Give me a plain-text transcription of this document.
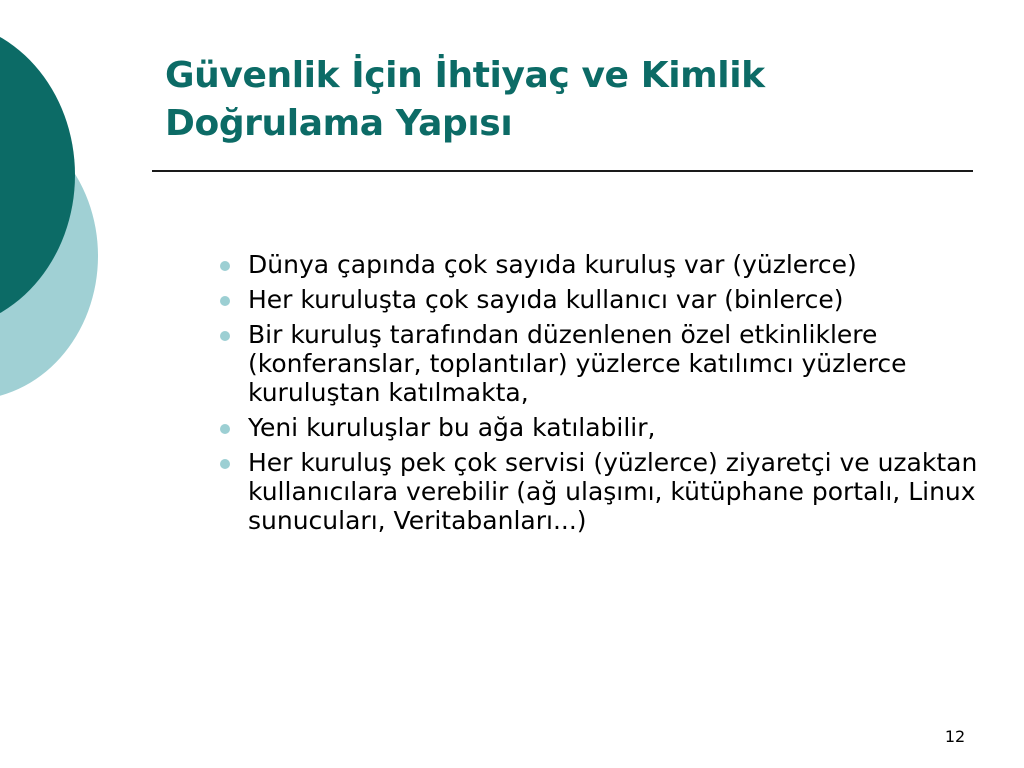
Güvenlik İçin İhtiyaç ve Kimlik
Doğrulama Yapısı
Dünya çapında çok sayıda kuruluş var (yüzlerce)
Her kuruluşta çok sayıda kullanıcı var (binlerce)
Bir kuruluş tarafından düzenlenen özel etkinliklere (konferanslar, toplantılar) yüzlerce katılımcı yüzlerce kuruluştan katılmakta,
Yeni kuruluşlar bu ağa katılabilir,
Her kuruluş pek çok servisi (yüzlerce) ziyaretçi ve uzaktan kullanıcılara verebilir (ağ ulaşımı, kütüphane portalı, Linux sunucuları, Veritabanları...)
12
